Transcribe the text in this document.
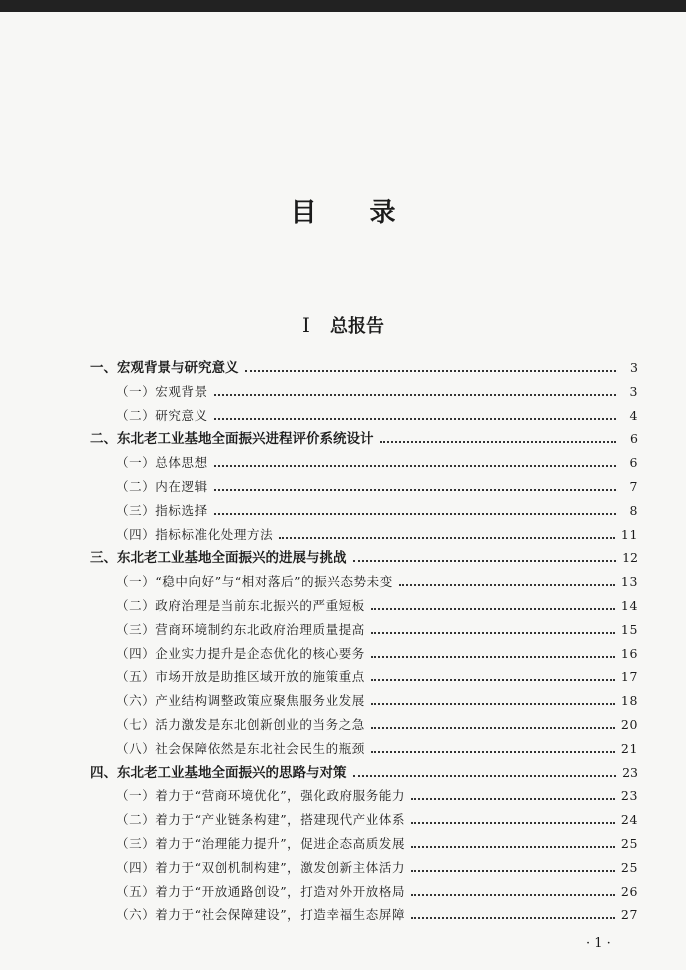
目 录
I 总报告
一、宏观背景与研究意义	3
（一）宏观背景	3
（二）研究意义	4
二、东北老工业基地全面振兴进程评价系统设计	6
（一）总体思想	6
（二）内在逻辑	7
（三）指标选择	8
（四）指标标准化处理方法	11
三、东北老工业基地全面振兴的进展与挑战	12
（一）“稳中向好”与“相对落后”的振兴态势未变	13
（二）政府治理是当前东北振兴的严重短板	14
（三）营商环境制约东北政府治理质量提高	15
（四）企业实力提升是企态优化的核心要务	16
（五）市场开放是助推区域开放的施策重点	17
（六）产业结构调整政策应聚焦服务业发展	18
（七）活力激发是东北创新创业的当务之急	20
（八）社会保障依然是东北社会民生的瓶颈	21
四、东北老工业基地全面振兴的思路与对策	23
（一）着力于“营商环境优化”，强化政府服务能力	23
（二）着力于“产业链条构建”，搭建现代产业体系	24
（三）着力于“治理能力提升”，促进企态高质发展	25
（四）着力于“双创机制构建”，激发创新主体活力	25
（五）着力于“开放通路创设”，打造对外开放格局	26
（六）着力于“社会保障建设”，打造幸福生态屏障	27
· 1 ·
